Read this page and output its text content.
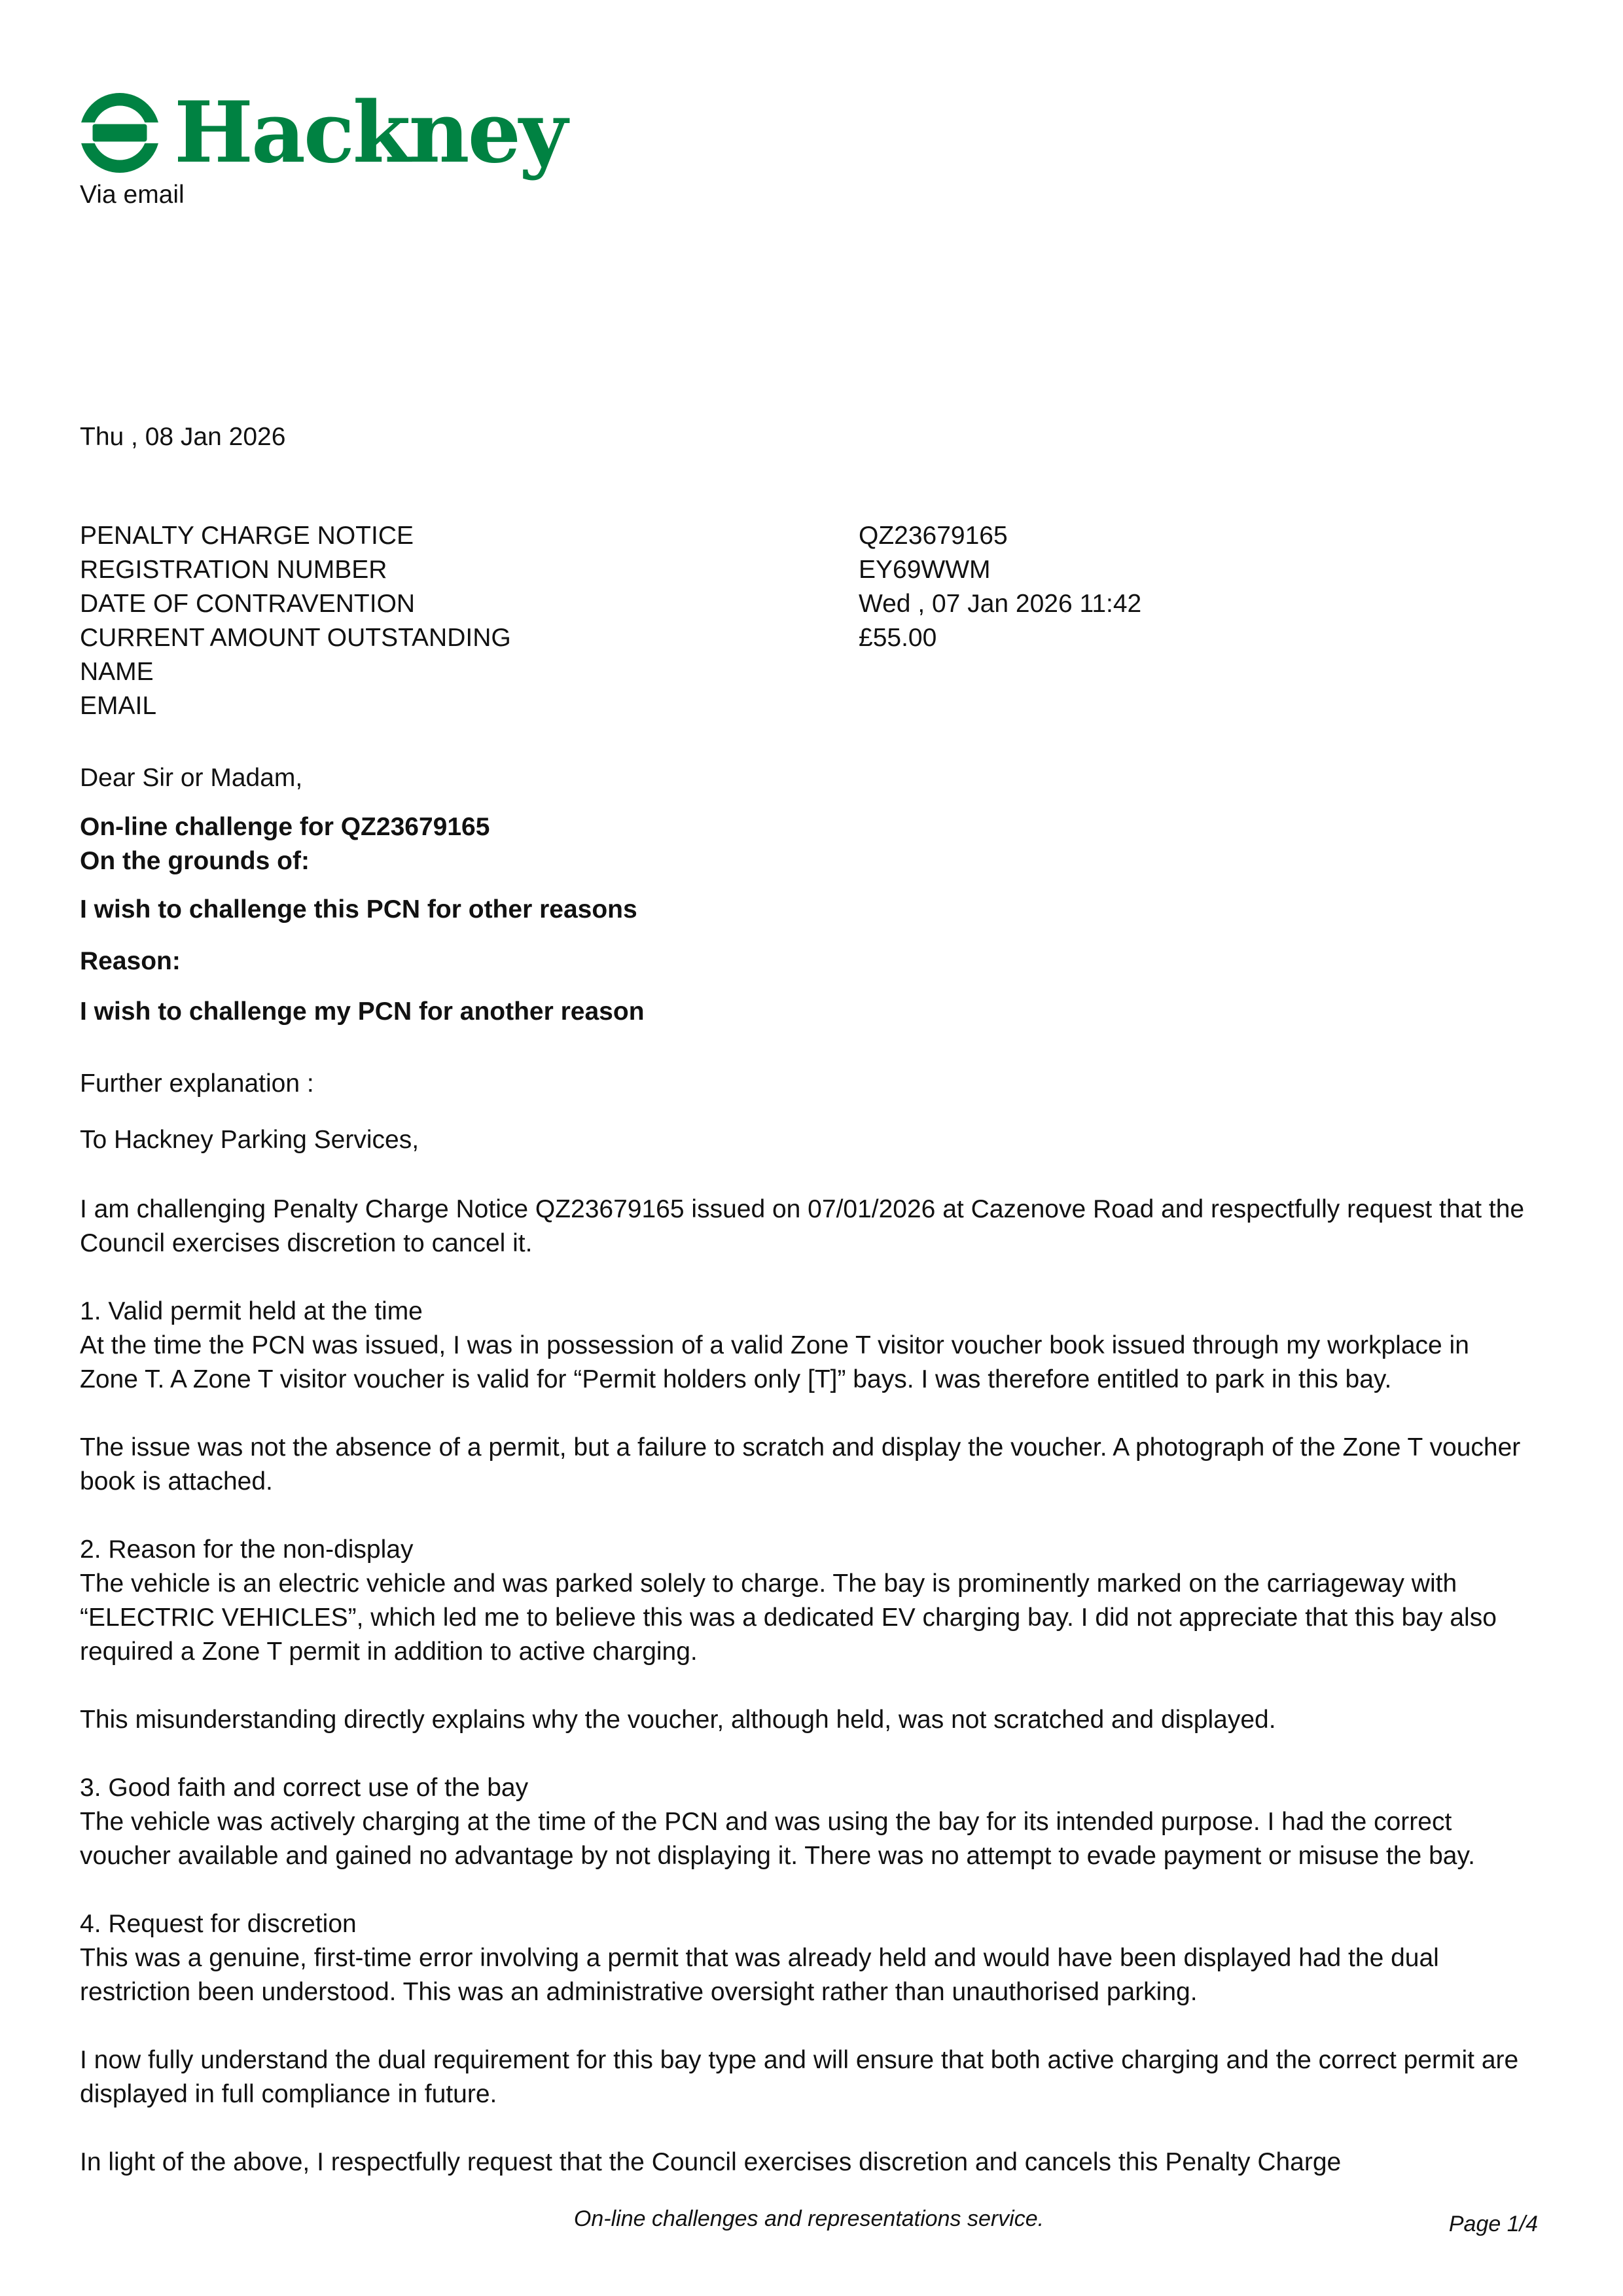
Hackney
Via email
Thu , 08 Jan 2026
PENALTY CHARGE NOTICE	QZ23679165
REGISTRATION NUMBER	EY69WWM
DATE OF CONTRAVENTION	Wed , 07 Jan 2026 11:42
CURRENT AMOUNT OUTSTANDING	£55.00
NAME
EMAIL
Dear Sir or Madam,
On-line challenge for QZ23679165
On the grounds of:
I wish to challenge this PCN for other reasons
Reason:
I wish to challenge my PCN for another reason
Further explanation :
To Hackney Parking Services,
I am challenging Penalty Charge Notice QZ23679165 issued on 07/01/2026 at Cazenove Road and respectfully request that the Council exercises discretion to cancel it.
1. Valid permit held at the time
At the time the PCN was issued, I was in possession of a valid Zone T visitor voucher book issued through my workplace in Zone T. A Zone T visitor voucher is valid for “Permit holders only [T]” bays. I was therefore entitled to park in this bay.
The issue was not the absence of a permit, but a failure to scratch and display the voucher. A photograph of the Zone T voucher book is attached.
2. Reason for the non-display
The vehicle is an electric vehicle and was parked solely to charge. The bay is prominently marked on the carriageway with “ELECTRIC VEHICLES”, which led me to believe this was a dedicated EV charging bay. I did not appreciate that this bay also required a Zone T permit in addition to active charging.
This misunderstanding directly explains why the voucher, although held, was not scratched and displayed.
3. Good faith and correct use of the bay
The vehicle was actively charging at the time of the PCN and was using the bay for its intended purpose. I had the correct voucher available and gained no advantage by not displaying it. There was no attempt to evade payment or misuse the bay.
4. Request for discretion
This was a genuine, first-time error involving a permit that was already held and would have been displayed had the dual restriction been understood. This was an administrative oversight rather than unauthorised parking.
I now fully understand the dual requirement for this bay type and will ensure that both active charging and the correct permit are displayed in full compliance in future.
In light of the above, I respectfully request that the Council exercises discretion and cancels this Penalty Charge
On-line challenges and representations service.	Page 1/4
